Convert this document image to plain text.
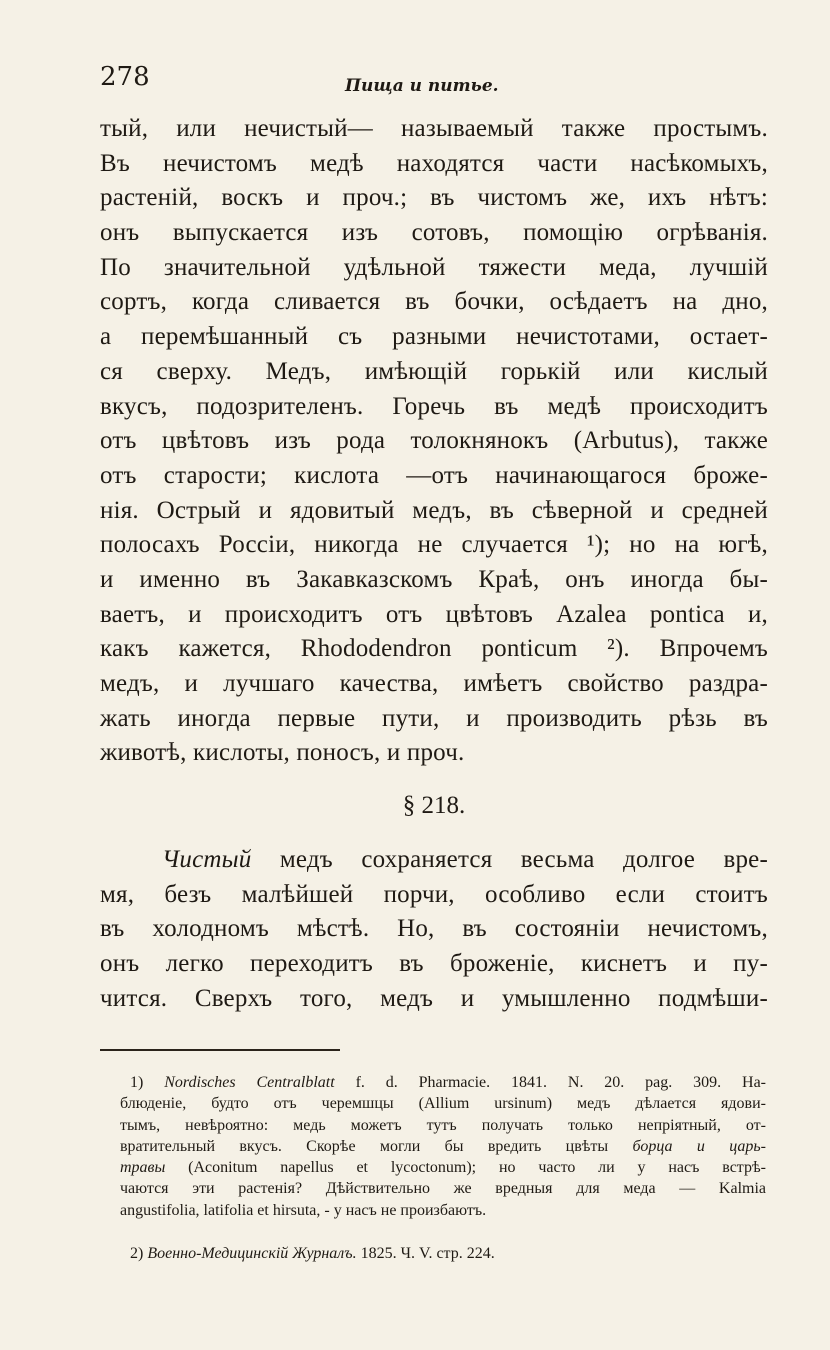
278	Пища и питье.
тый, или нечистый— называемый также простымъ.
Въ нечистомъ медѣ находятся части насѣкомыхъ,
растеній, воскъ и проч.; въ чистомъ же, ихъ нѣтъ:
онъ выпускается изъ сотовъ, помощію огрѣванія.
По значительной удѣльной тяжести меда, лучшій
сортъ, когда сливается въ бочки, осѣдаетъ на дно,
а перемѣшанный съ разными нечистотами, остает-
ся сверху. Медъ, имѣющій горькій или кислый
вкусъ, подозрителенъ. Горечь въ медѣ происходитъ
отъ цвѣтовъ изъ рода толокнянокъ (Arbutus), также
отъ старости; кислота —отъ начинающагося броже-
нія. Острый и ядовитый медъ, въ сѣверной и средней
полосахъ Россіи, никогда не случается ¹); но на югѣ,
и именно въ Закавказскомъ Краѣ, онъ иногда бы-
ваетъ, и происходитъ отъ цвѣтовъ Azalea pontica и,
какъ кажется, Rhododendron ponticum ²). Впрочемъ
медъ, и лучшаго качества, имѣетъ свойство раздра-
жать иногда первые пути, и производить рѣзь въ
животѣ, кислоты, поносъ, и проч.
§ 218.
Чистый медъ сохраняется весьма долгое вре-
мя, безъ малѣйшей порчи, особливо если стоитъ
въ холодномъ мѣстѣ. Но, въ состояніи нечистомъ,
онъ легко переходитъ въ броженіе, киснетъ и пу-
чится. Сверхъ того, медъ и умышленно подмѣши-
1) Nordisches Centralblatt f. d. Pharmacie. 1841. N. 20. pag. 309. На-
блюденіе, будто отъ черемшцы (Allium ursinum) медъ дѣлается ядови-
тымъ, невѣроятно: медь можетъ тутъ получать только непріятный, от-
вратительный вкусъ. Скорѣе могли бы вредить цвѣты борца и царь-
травы (Aconitum napellus et lycoctonum); но часто ли у насъ встрѣ-
чаются эти растенія? Дѣйствительно же вредныя для меда — Kalmia
angustifolia, latifolia et hirsuta, - у насъ не произбаютъ.
2) Военно-Медицинскій Журналъ. 1825. Ч. V. стр. 224.
